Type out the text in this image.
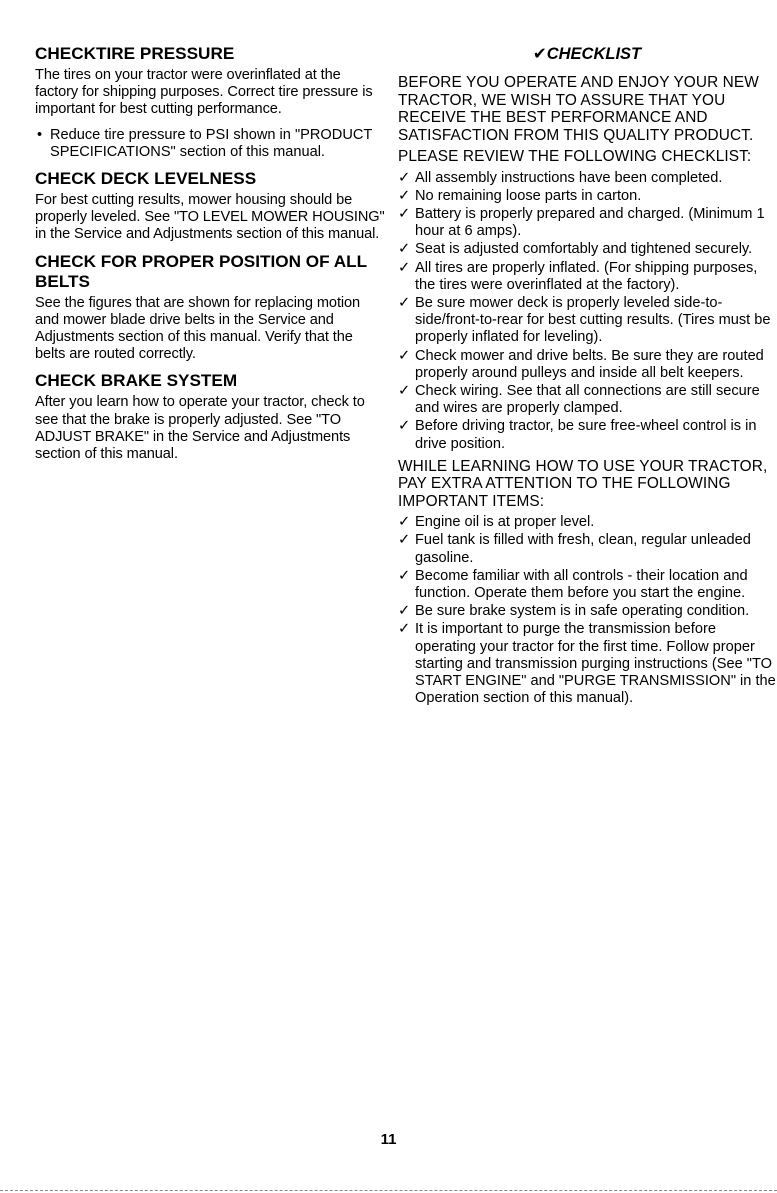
CHECKTIRE PRESSURE
The tires on your tractor were overinflated at the factory for shipping purposes. Correct tire pressure is important for best cutting performance.
• Reduce tire pressure to PSI shown in "PRODUCT SPECIFICATIONS" section of this manual.
CHECK DECK LEVELNESS
For best cutting results, mower housing should be properly leveled. See "TO LEVEL MOWER HOUSING" in the Service and Adjustments section of this manual.
CHECK FOR PROPER POSITION OF ALL BELTS
See the figures that are shown for replacing motion and mower blade drive belts in the Service and Adjustments section of this manual. Verify that the belts are routed correctly.
CHECK BRAKE SYSTEM
After you learn how to operate your tractor, check to see that the brake is properly adjusted. See "TO ADJUST BRAKE" in the Service and Adjustments section of this manual.
✔CHECKLIST
BEFORE YOU OPERATE AND ENJOY YOUR NEW TRACTOR, WE WISH TO ASSURE THAT YOU RECEIVE THE BEST PERFORMANCE AND SATISFACTION FROM THIS QUALITY PRODUCT.
PLEASE REVIEW THE FOLLOWING CHECKLIST:
✓ All assembly instructions have been completed.
✓ No remaining loose parts in carton.
✓ Battery is properly prepared and charged. (Minimum 1 hour at 6 amps).
✓ Seat is adjusted comfortably and tightened securely.
✓ All tires are properly inflated. (For shipping purposes, the tires were overinflated at the factory).
✓ Be sure mower deck is properly leveled side-to-side/front-to-rear for best cutting results. (Tires must be properly inflated for leveling).
✓ Check mower and drive belts. Be sure they are routed properly around pulleys and inside all belt keepers.
✓ Check wiring. See that all connections are still secure and wires are properly clamped.
✓ Before driving tractor, be sure free-wheel control is in drive position.
WHILE LEARNING HOW TO USE YOUR TRACTOR, PAY EXTRA ATTENTION TO THE FOLLOWING IMPORTANT ITEMS:
✓ Engine oil is at proper level.
✓ Fuel tank is filled with fresh, clean, regular unleaded gasoline.
✓ Become familiar with all controls - their location and function. Operate them before you start the engine.
✓ Be sure brake system is in safe operating condition.
✓ It is important to purge the transmission before operating your tractor for the first time. Follow proper starting and transmission purging instructions (See "TO START ENGINE" and "PURGE TRANSMISSION" in the Operation section of this manual).
11
